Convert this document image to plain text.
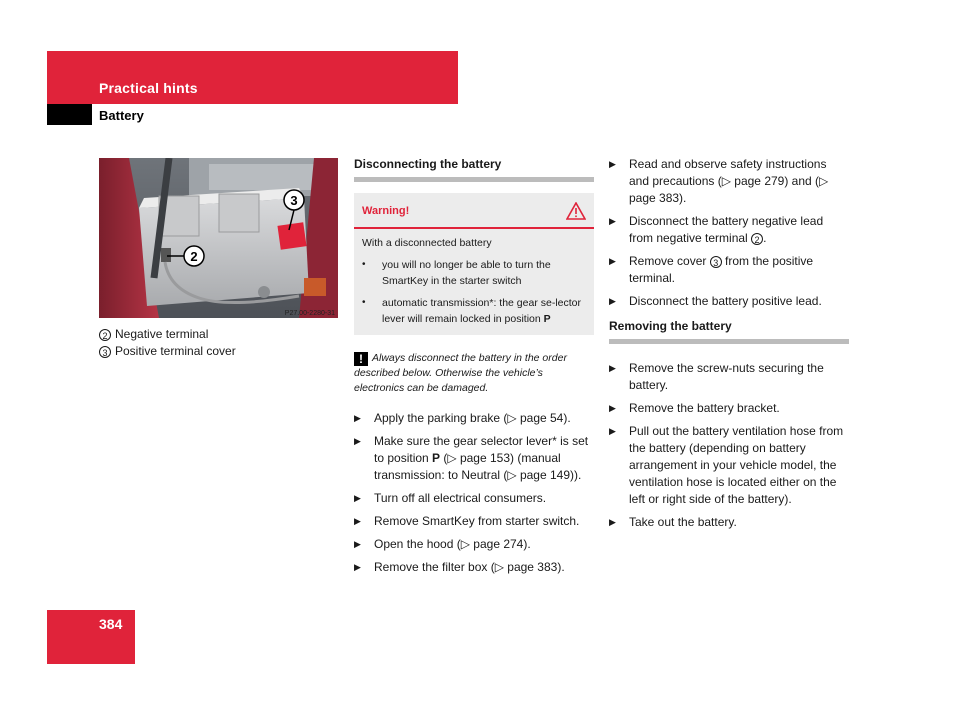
Practical hints
Battery
3
2
P27.00-2280-31
2 Negative terminal
3 Positive terminal cover
Disconnecting the battery
Warning!
With a disconnected battery
•	you will no longer be able to turn the SmartKey in the starter switch
•	automatic transmission*: the gear se-lector lever will remain locked in position P
! Always disconnect the battery in the order described below. Otherwise the vehicle’s electronics can be damaged.
▶	Apply the parking brake (▷ page 54).
▶	Make sure the gear selector lever* is set to position P (▷ page 153) (manual transmission: to Neutral (▷ page 149)).
▶	Turn off all electrical consumers.
▶	Remove SmartKey from starter switch.
▶	Open the hood (▷ page 274).
▶	Remove the filter box (▷ page 383).
▶	Read and observe safety instructions and precautions (▷ page 279) and (▷ page 383).
▶	Disconnect the battery negative lead from negative terminal 2 .
▶	Remove cover 3 from the positive terminal.
▶	Disconnect the battery positive lead.
Removing the battery
▶	Remove the screw-nuts securing the battery.
▶	Remove the battery bracket.
▶	Pull out the battery ventilation hose from the battery (depending on battery arrangement in your vehicle model, the ventilation hose is located either on the left or right side of the battery).
▶	Take out the battery.
384
